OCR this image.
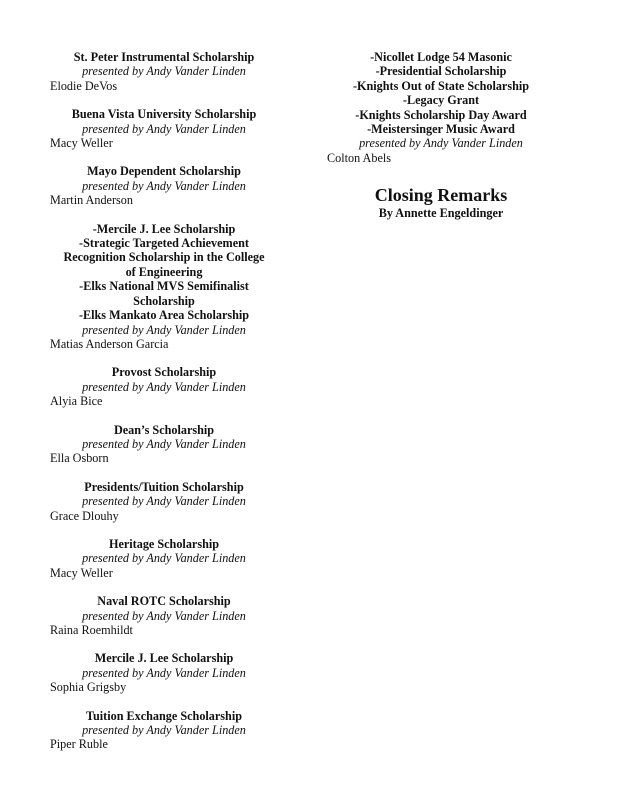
St. Peter Instrumental Scholarship
presented by Andy Vander Linden
Elodie DeVos
Buena Vista University Scholarship
presented by Andy Vander Linden
Macy Weller
Mayo Dependent Scholarship
presented by Andy Vander Linden
Martin Anderson
-Mercile J. Lee Scholarship
-Strategic Targeted Achievement
Recognition Scholarship in the College
of Engineering
-Elks National MVS Semifinalist
Scholarship
-Elks Mankato Area Scholarship
presented by Andy Vander Linden
Matias Anderson Garcia
Provost Scholarship
presented by Andy Vander Linden
Alyia Bice
Dean’s Scholarship
presented by Andy Vander Linden
Ella Osborn
Presidents/Tuition Scholarship
presented by Andy Vander Linden
Grace Dlouhy
Heritage Scholarship
presented by Andy Vander Linden
Macy Weller
Naval ROTC Scholarship
presented by Andy Vander Linden
Raina Roemhildt
Mercile J. Lee Scholarship
presented by Andy Vander Linden
Sophia Grigsby
Tuition Exchange Scholarship
presented by Andy Vander Linden
Piper Ruble
-Nicollet Lodge 54 Masonic
-Presidential Scholarship
-Knights Out of State Scholarship
-Legacy Grant
-Knights Scholarship Day Award
-Meistersinger Music Award
presented by Andy Vander Linden
Colton Abels
Closing Remarks
By Annette Engeldinger
